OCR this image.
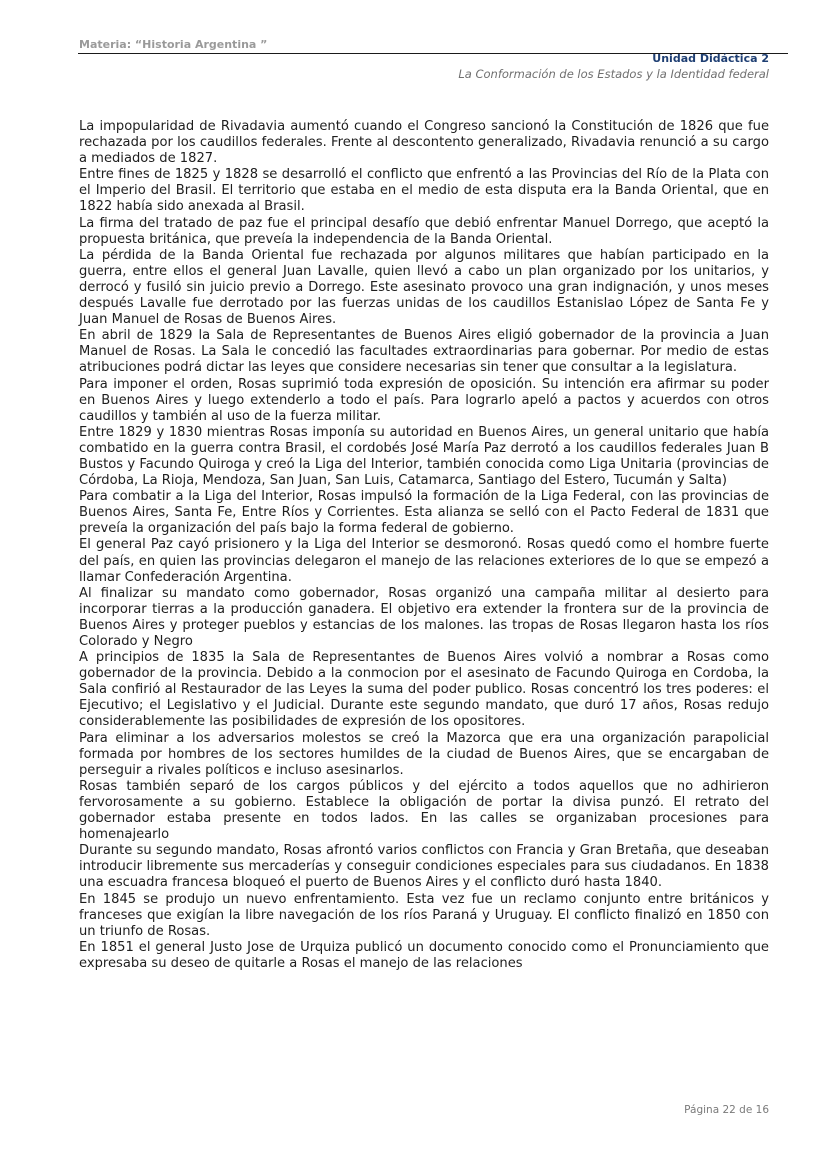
Materia: “Historia Argentina ”
Unidad Didáctica 2
La Conformación de los Estados y la Identidad federal

La impopularidad de Rivadavia aumentó cuando el Congreso sancionó la Constitución de 1826 que fue rechazada por los caudillos federales. Frente al descontento generalizado, Rivadavia renunció a su cargo a mediados de 1827.

Entre fines de 1825 y 1828 se desarrolló el conflicto que enfrentó a las Provincias del Río de la Plata con el Imperio del Brasil. El territorio que estaba en el medio de esta disputa era la Banda Oriental, que en 1822 había sido anexada al Brasil.

La firma del tratado de paz fue el principal desafío que debió enfrentar Manuel Dorrego, que aceptó la propuesta británica, que preveía la independencia de la Banda Oriental.

La pérdida de la Banda Oriental fue rechazada por algunos militares que habían participado en la guerra, entre ellos el general Juan Lavalle, quien llevó a cabo un plan organizado por los unitarios, y derrocó y fusiló sin juicio previo a Dorrego. Este asesinato provoco una gran indignación, y unos meses después Lavalle fue derrotado por las fuerzas unidas de los caudillos Estanislao López de Santa Fe y Juan Manuel de Rosas de Buenos Aires.

En abril de 1829 la Sala de Representantes de Buenos Aires eligió gobernador de la provincia a Juan Manuel de Rosas. La Sala le concedió las facultades extraordinarias para gobernar. Por medio de estas atribuciones podrá dictar las leyes que considere necesarias sin tener que consultar a la legislatura.

Para imponer el orden, Rosas suprimió toda expresión de oposición. Su intención era afirmar su poder en Buenos Aires y luego extenderlo a todo el país. Para lograrlo apeló a pactos y acuerdos con otros caudillos y también al uso de la fuerza militar.

Entre 1829 y 1830 mientras Rosas imponía su autoridad en Buenos Aires, un general unitario que había combatido en la guerra contra Brasil, el cordobés José María Paz derrotó a los caudillos federales Juan B Bustos y Facundo Quiroga y creó la Liga del Interior, también conocida como Liga Unitaria (provincias de Córdoba, La Rioja, Mendoza, San Juan, San Luis, Catamarca, Santiago del Estero, Tucumán y Salta)

Para combatir a la Liga del Interior, Rosas impulsó la formación de la Liga Federal, con las provincias de Buenos Aires, Santa Fe, Entre Ríos y Corrientes. Esta alianza se selló con el Pacto Federal de 1831 que preveía la organización del país bajo la forma federal de gobierno.

El general Paz cayó prisionero y la Liga del Interior se desmoronó. Rosas quedó como el hombre fuerte del país, en quien las provincias delegaron el manejo de las relaciones exteriores de lo que se empezó a llamar Confederación Argentina.

Al finalizar su mandato como gobernador, Rosas organizó una campaña militar al desierto para incorporar tierras a la producción ganadera. El objetivo era extender la frontera sur de la provincia de Buenos Aires y proteger pueblos y estancias de los malones. las tropas de Rosas llegaron hasta los ríos Colorado y Negro

A principios de 1835 la Sala de Representantes de Buenos Aires volvió a nombrar a Rosas como gobernador de la provincia. Debido a la conmocion por el asesinato de Facundo Quiroga en Cordoba, la Sala confirió al Restaurador de las Leyes la suma del poder publico. Rosas concentró los tres poderes: el Ejecutivo; el Legislativo y el Judicial. Durante este segundo mandato, que duró 17 años, Rosas redujo considerablemente las posibilidades de expresión de los opositores.

Para eliminar a los adversarios molestos se creó la Mazorca que era una organización parapolicial formada por hombres de los sectores humildes de la ciudad de Buenos Aires, que se encargaban de perseguir a rivales políticos e incluso asesinarlos.

Rosas también separó de los cargos públicos y del ejército a todos aquellos que no adhirieron fervorosamente a su gobierno. Establece la obligación de portar la divisa punzó. El retrato del gobernador estaba presente en todos lados. En las calles se organizaban procesiones para homenajearlo

Durante su segundo mandato, Rosas afrontó varios conflictos con Francia y Gran Bretaña, que deseaban introducir libremente sus mercaderías y conseguir condiciones especiales para sus ciudadanos. En 1838 una escuadra francesa bloqueó el puerto de Buenos Aires y el conflicto duró hasta 1840.

En 1845 se produjo un nuevo enfrentamiento. Esta vez fue un reclamo conjunto entre británicos y franceses que exigían la libre navegación de los ríos Paraná y Uruguay. El conflicto finalizó en 1850 con un triunfo de Rosas.

En 1851 el general Justo Jose de Urquiza publicó un documento conocido como el Pronunciamiento que expresaba su deseo de quitarle a Rosas el manejo de las relaciones

Página 22 de 16
